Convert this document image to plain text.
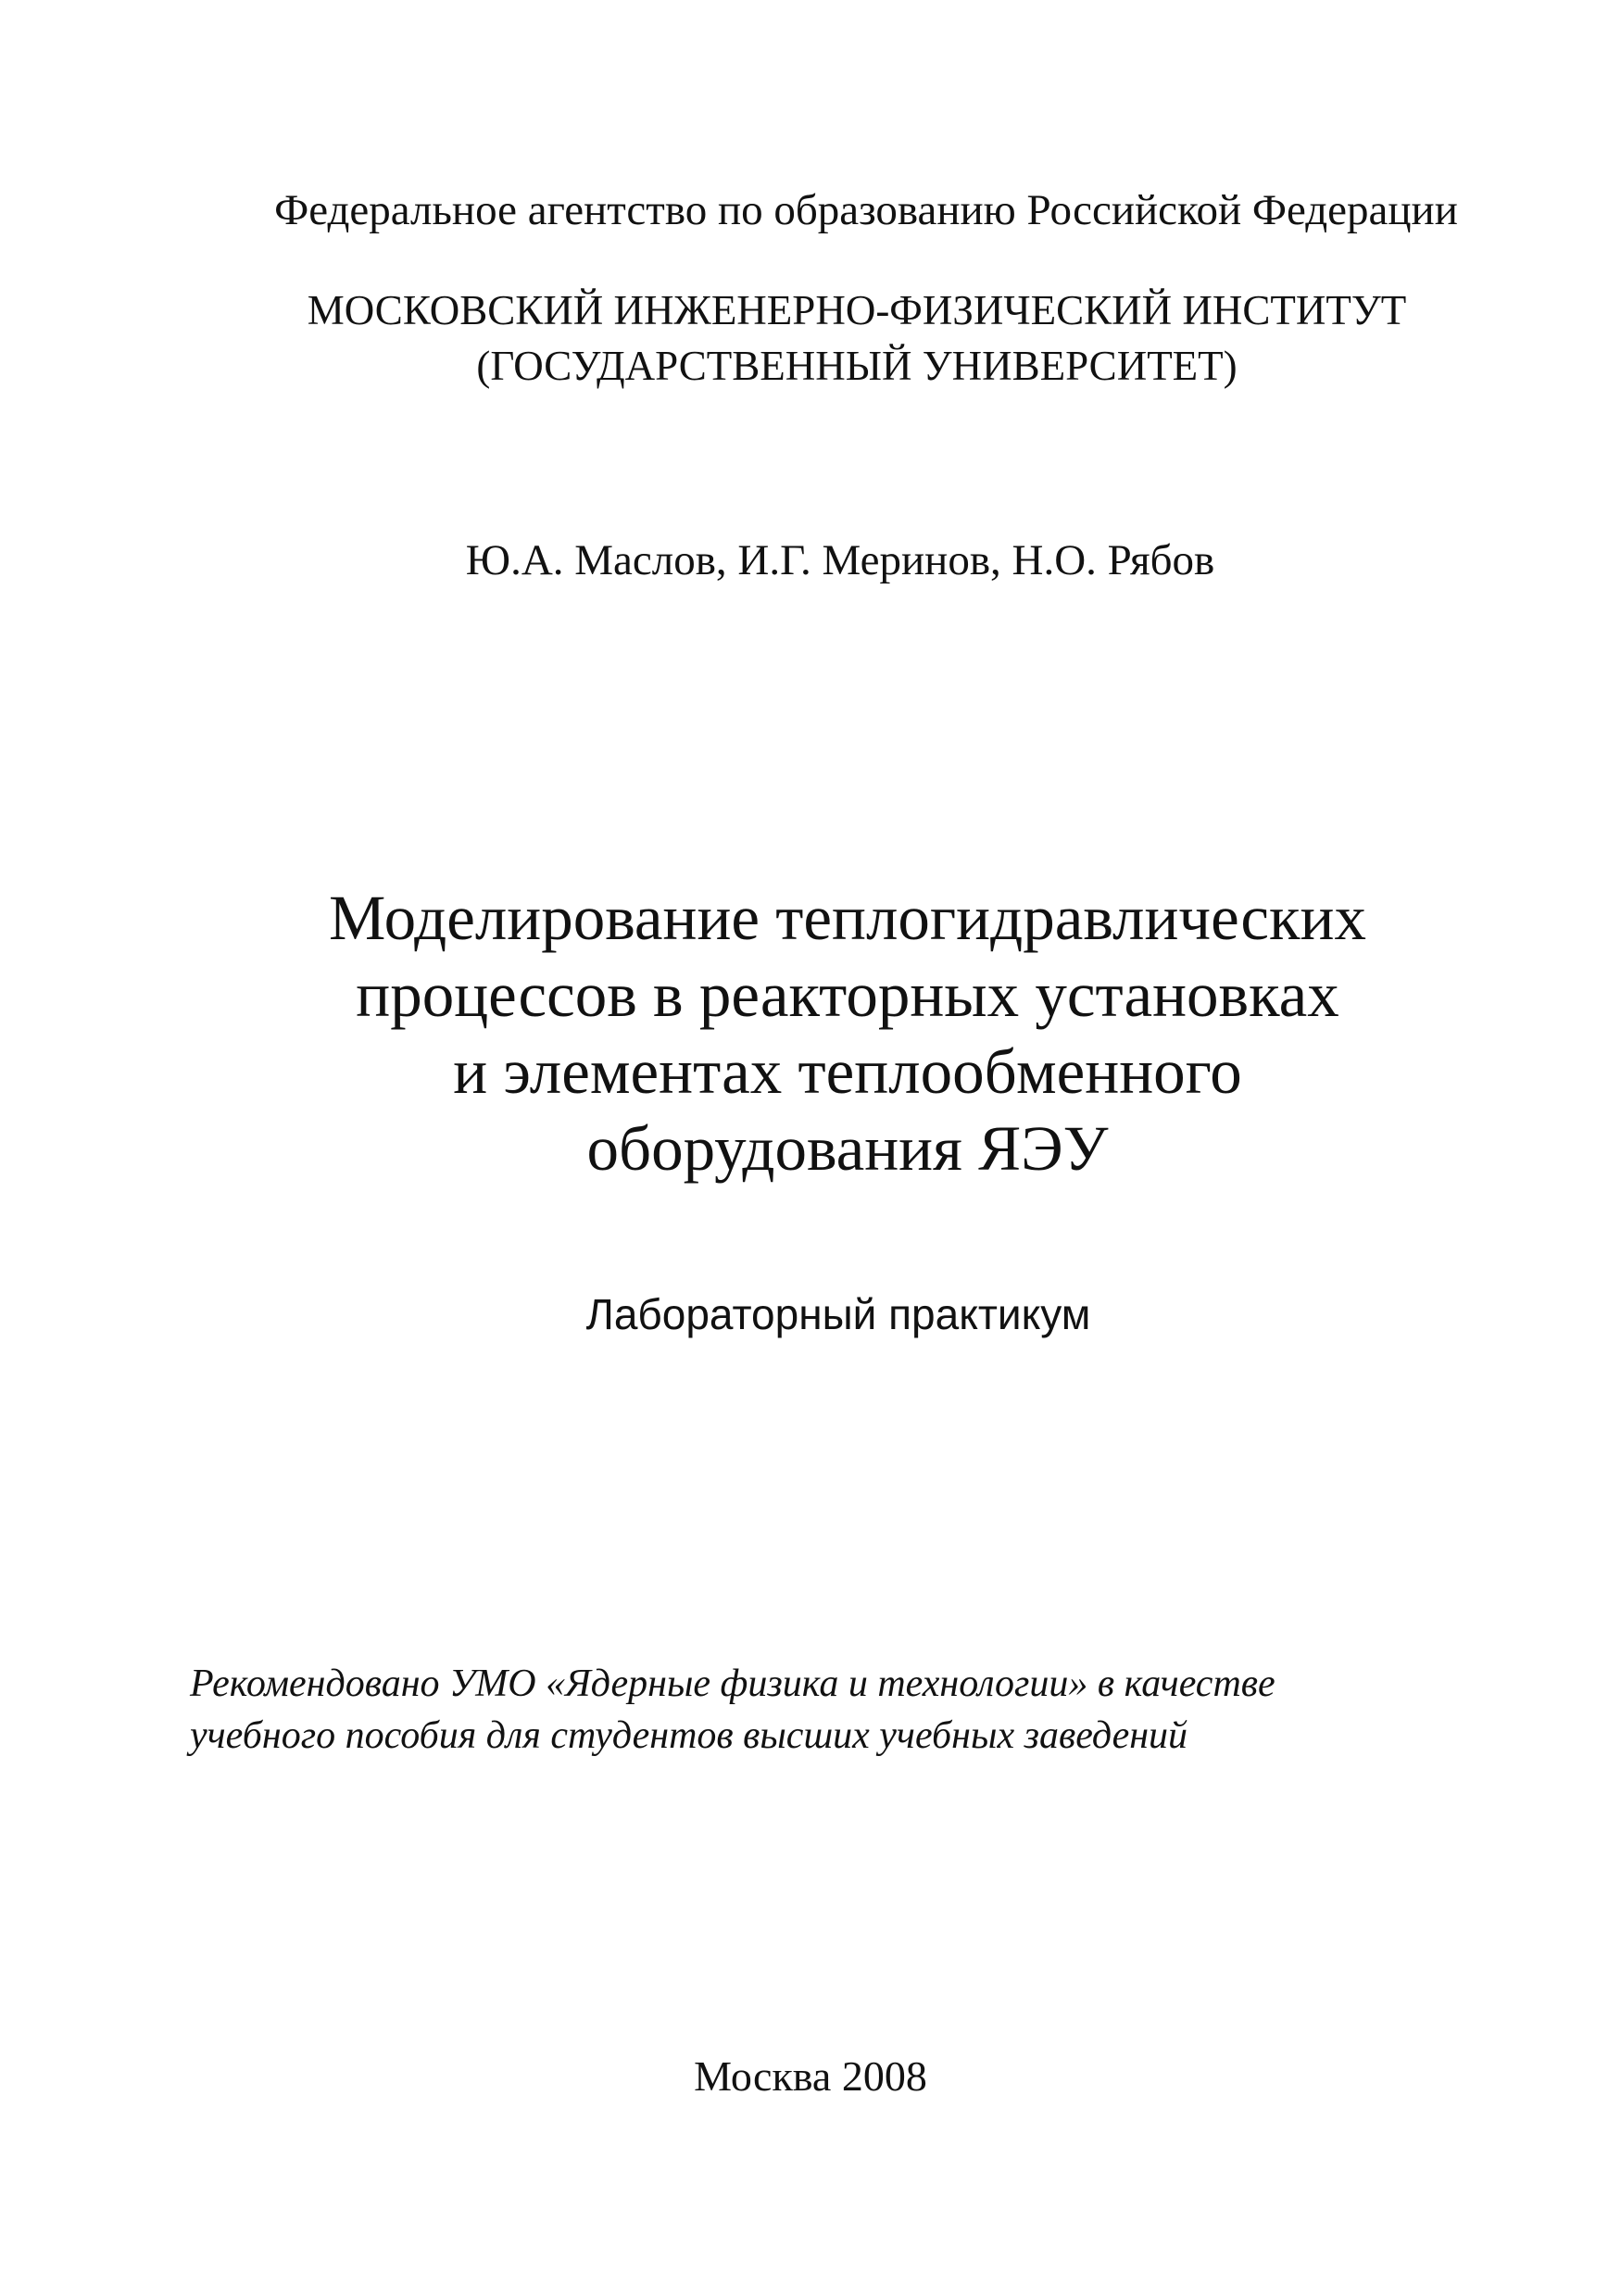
Федеральное агентство по образованию Российской Федерации
МОСКОВСКИЙ ИНЖЕНЕРНО-ФИЗИЧЕСКИЙ ИНСТИТУТ
(ГОСУДАРСТВЕННЫЙ УНИВЕРСИТЕТ)
Ю.А. Маслов, И.Г. Меринов, Н.О. Рябов
Моделирование теплогидравлических
процессов в реакторных установках
и элементах теплообменного
оборудования ЯЭУ
Лабораторный практикум
Рекомендовано УМО «Ядерные физика и технологии» в качестве
учебного пособия для студентов высших учебных заведений
Москва 2008
